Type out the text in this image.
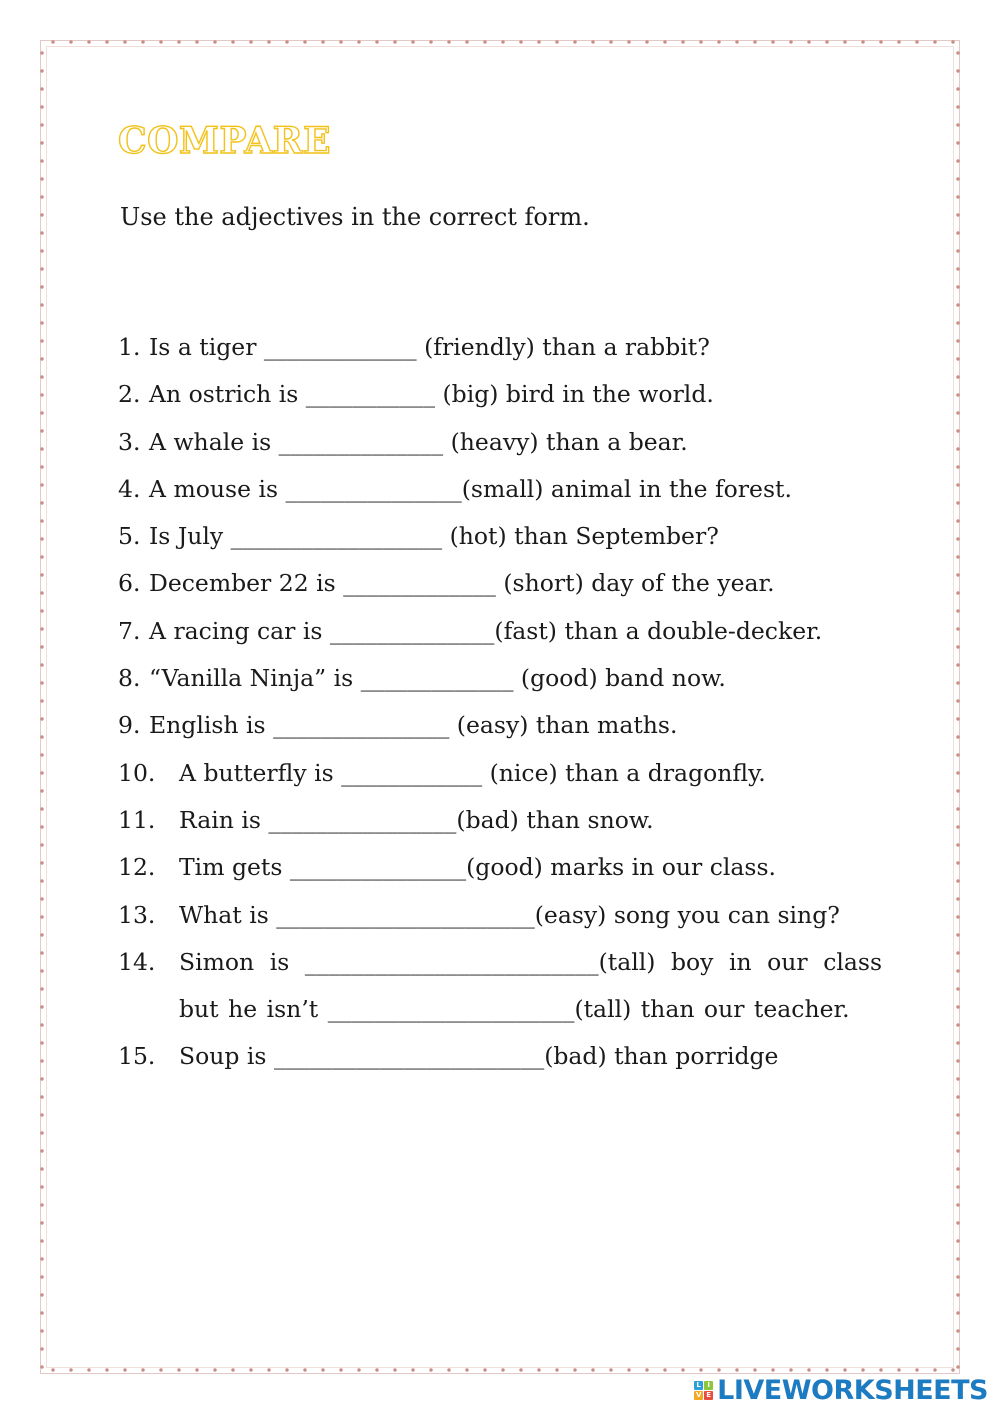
COMPARE

Use the adjectives in the correct form.

1. Is a tiger _____________ (friendly) than a rabbit?
2. An ostrich is ___________ (big) bird in the world.
3. A whale is ______________ (heavy) than a bear.
4. A mouse is _______________(small) animal in the forest.
5. Is July __________________ (hot) than September?
6. December 22 is _____________ (short) day of the year.
7. A racing car is ______________(fast) than a double-decker.
8. “Vanilla Ninja” is _____________ (good) band now.
9. English is _______________ (easy) than maths.
10.	A butterfly is ____________ (nice) than a dragonfly.
11.	Rain is ________________(bad) than snow.
12.	Tim gets _______________(good) marks in our class.
13.	What is ______________________(easy) song you can sing?
14.	Simon is _________________________(tall) boy in our class but he isn’t _____________________(tall) than our teacher.
15.	Soup is _______________________(bad) than porridge
L I
V E LIVEWORKSHEETS
